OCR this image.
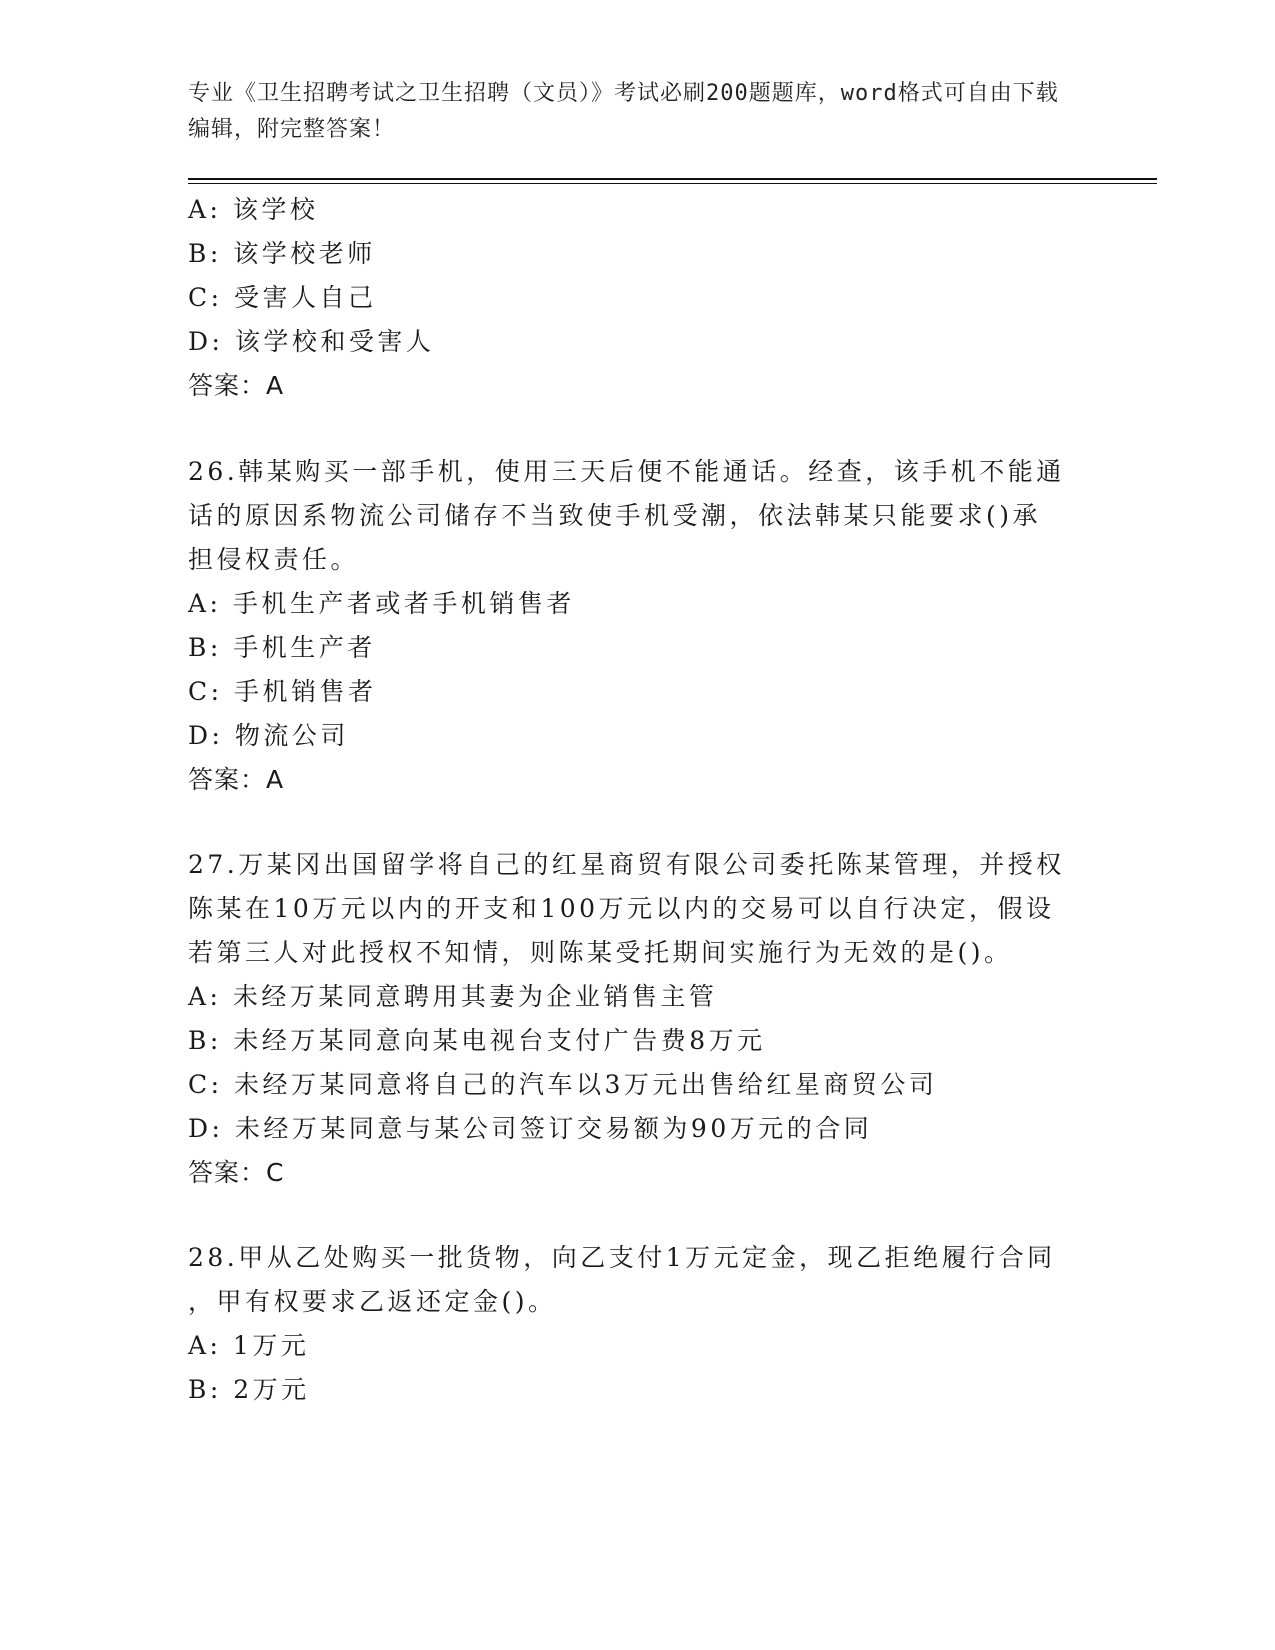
专业《卫生招聘考试之卫生招聘（文员）》考试必刷200题题库，word格式可自由下载编辑，附完整答案！
A: 该学校
B: 该学校老师
C: 受害人自己
D: 该学校和受害人
答案：A
26.韩某购买一部手机，使用三天后便不能通话。经查，该手机不能通
话的原因系物流公司储存不当致使手机受潮，依法韩某只能要求()承
担侵权责任。
A: 手机生产者或者手机销售者
B: 手机生产者
C: 手机销售者
D: 物流公司
答案：A
27.万某冈出国留学将自己的红星商贸有限公司委托陈某管理，并授权
陈某在10万元以内的开支和100万元以内的交易可以自行决定，假设
若第三人对此授权不知情，则陈某受托期间实施行为无效的是()。
A: 未经万某同意聘用其妻为企业销售主管
B: 未经万某同意向某电视台支付广告费8万元
C: 未经万某同意将自己的汽车以3万元出售给红星商贸公司
D: 未经万某同意与某公司签订交易额为90万元的合同
答案：C
28.甲从乙处购买一批货物，向乙支付1万元定金，现乙拒绝履行合同
，甲有权要求乙返还定金()。
A: 1万元
B: 2万元
